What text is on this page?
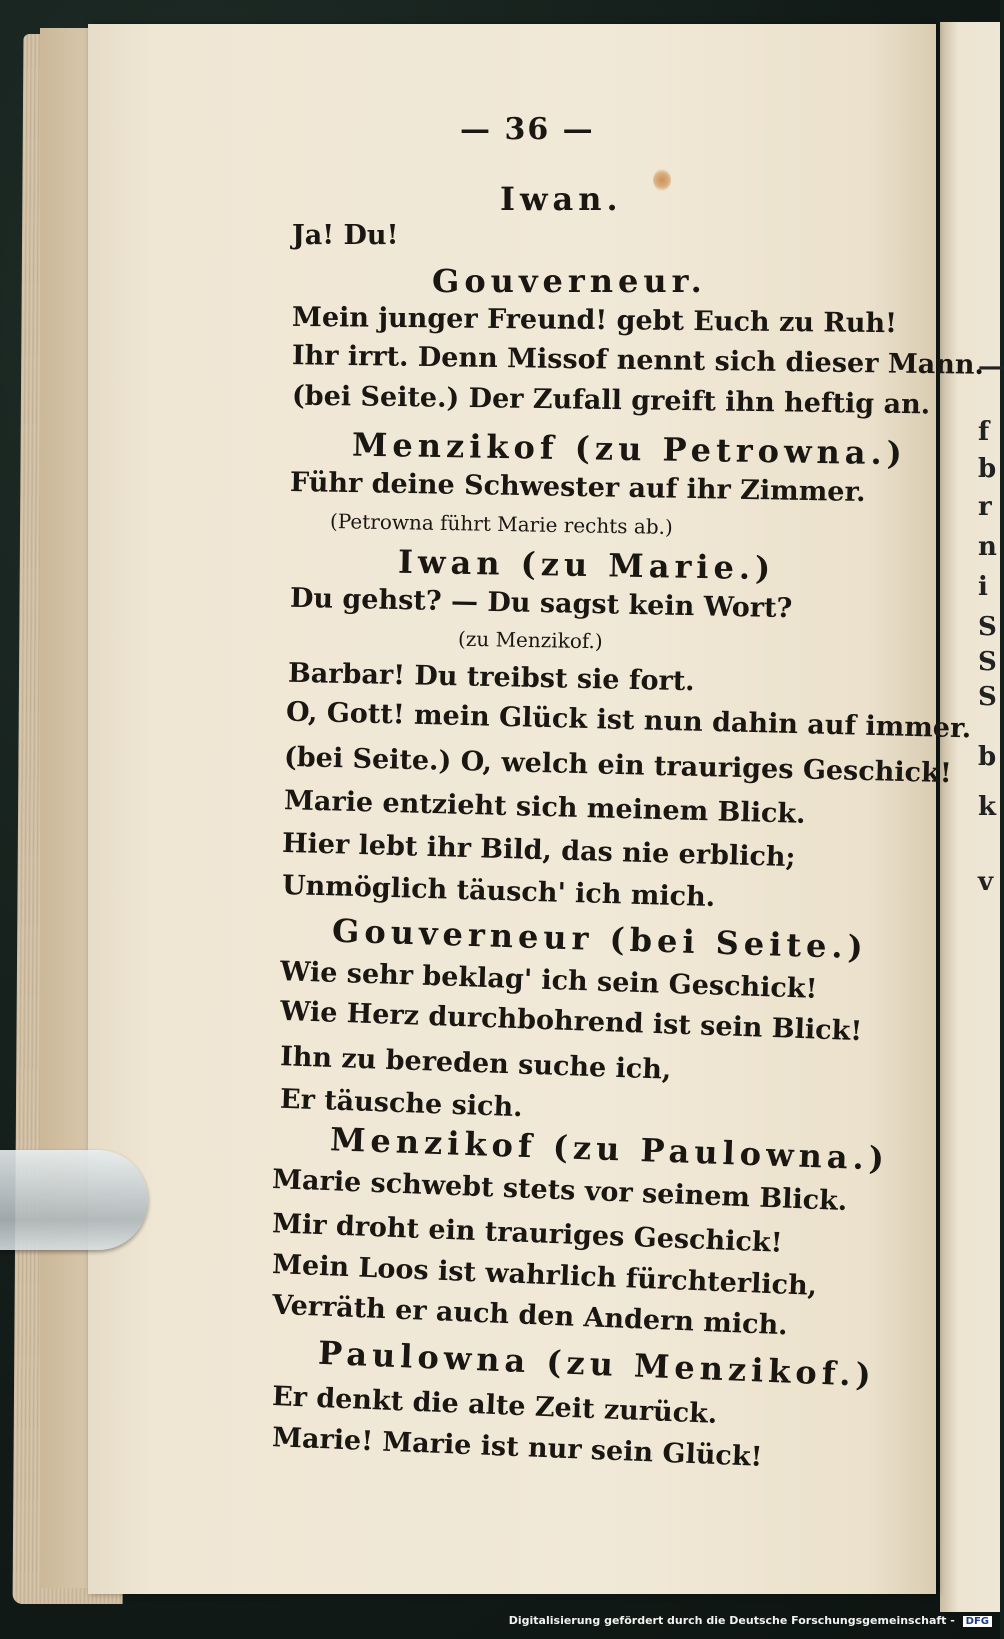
—
f
b
r
n
i
S
S
S
b
k
v
— 36 —
Iwan.
Ja! Du!
Gouverneur.
Mein junger Freund! gebt Euch zu Ruh!
Ihr irrt. Denn Missof nennt sich dieser Mann.
(bei Seite.) Der Zufall greift ihn heftig an.
Menzikof (zu Petrowna.)
Führ deine Schwester auf ihr Zimmer.
(Petrowna führt Marie rechts ab.)
Iwan (zu Marie.)
Du gehst? — Du sagst kein Wort?
(zu Menzikof.)
Barbar! Du treibst sie fort.
O, Gott! mein Glück ist nun dahin auf immer.
(bei Seite.) O, welch ein trauriges Geschick!
Marie entzieht sich meinem Blick.
Hier lebt ihr Bild, das nie erblich;
Unmöglich täusch' ich mich.
Gouverneur (bei Seite.)
Wie sehr beklag' ich sein Geschick!
Wie Herz durchbohrend ist sein Blick!
Ihn zu bereden suche ich,
Er täusche sich.
Menzikof (zu Paulowna.)
Marie schwebt stets vor seinem Blick.
Mir droht ein trauriges Geschick!
Mein Loos ist wahrlich fürchterlich,
Verräth er auch den Andern mich.
Paulowna (zu Menzikof.)
Er denkt die alte Zeit zurück.
Marie! Marie ist nur sein Glück!
Digitalisierung gefördert durch die Deutsche Forschungsgemeinschaft - DFG
